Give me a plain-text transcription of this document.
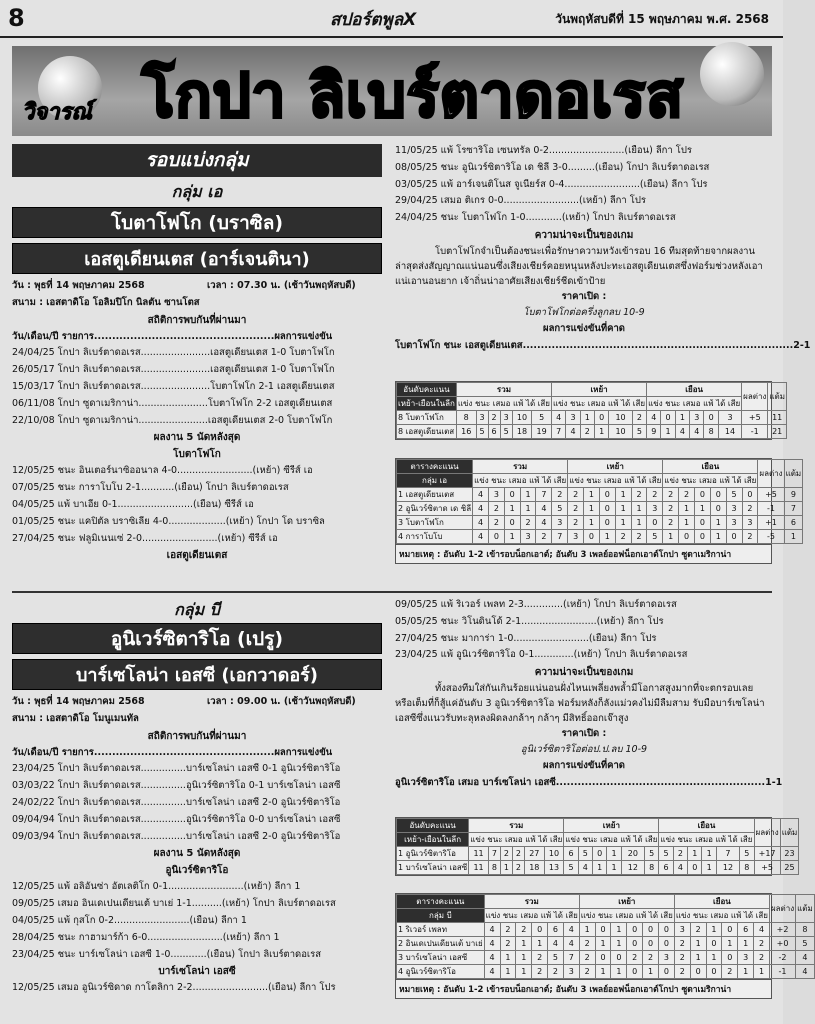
8	สปอร์ตพูลX	วันพฤหัสบดีที่ 15 พฤษภาคม พ.ศ. 2568
วิจารณ์ โกปา ลิเบร์ตาดอเรส
รอบแบ่งกลุ่ม
กลุ่ม เอ
โบตาโฟโก (บราซิล)
เอสตูเดียนเตส (อาร์เจนตินา)
วัน : พุธที่ 14 พฤษภาคม 2568	เวลา : 07.30 น. (เช้าวันพฤหัสบดี)
สนาม : เอสตาดิโอ โอลิมปิโก นิลตัน ซานโตส
สถิติการพบกันที่ผ่านมา
วัน/เดือน/ปี รายการ..................................................ผลการแข่งขัน
24/04/25 โกปา ลิเบร์ตาดอเรส.......................เอสตูเดียนเตส 1-0 โบตาโฟโก
26/05/17 โกปา ลิเบร์ตาดอเรส.......................เอสตูเดียนเตส 1-0 โบตาโฟโก
15/03/17 โกปา ลิเบร์ตาดอเรส.......................โบตาโฟโก 2-1 เอสตูเดียนเตส
06/11/08 โกปา ซูดาเมริกาน่า.......................โบตาโฟโก 2-2 เอสตูเดียนเตส
22/10/08 โกปา ซูดาเมริกาน่า.......................เอสตูเดียนเตส 2-0 โบตาโฟโก
ผลงาน 5 นัดหลังสุด
โบตาโฟโก
12/05/25 ชนะ อินเตอร์นาซิออนาล 4-0.........................(เหย้า) ซีรีส์ เอ
07/05/25 ชนะ การาโบโบ 2-1...........(เยือน) โกปา ลิเบร์ตาดอเรส
04/05/25 แพ้ บาเอีย 0-1.........................(เยือน) ซีรีส์ เอ
01/05/25 ชนะ แคปิตัล บราซิเลีย 4-0...................(เหย้า) โกปา โด บราซิล
27/04/25 ชนะ ฟลูมิเนนเซ่ 2-0.........................(เหย้า) ซีรีส์ เอ
เอสตูเดียนเตส
11/05/25 แพ้ โรซาริโอ เซนทรัล 0-2.........................(เยือน) ลีกา โปร
08/05/25 ชนะ อูนิเวร์ซิตาริโอ เด ชิลี 3-0.........(เยือน) โกปา ลิเบร์ตาดอเรส
03/05/25 แพ้ อาร์เจนติโนส จูเนียร์ส 0-4.........................(เยือน) ลีกา โปร
29/04/25 เสมอ ติเกร 0-0.........................(เหย้า) ลีกา โปร
24/04/25 ชนะ โบตาโฟโก 1-0............(เหย้า) โกปา ลิเบร์ตาดอเรส
ความน่าจะเป็นของเกม
โบตาโฟโกจำเป็นต้องชนะเพื่อรักษาความหวังเข้ารอบ 16 ทีมสุดท้ายจากผลงานล่าสุดส่งสัญญาณแน่นอนซึ่งเสียงเชียร์คอยหนุนหลังปะทะเอสตูเดียนเตสซึ่งฟอร์มช่วงหลังเอาแน่เอานอนยาก เจ้าถิ่นน่าอาศัยเสียงเชียร์ชีดเข้าป้าย
ราคาเปิด :
โบตาโฟโกต่อครึ่งลูกลบ 10-9
ผลการแข่งขันที่คาด
โบตาโฟโก ชนะ เอสตูเดียนเตส...........................................................................2-1
อันดับคะแนน	รวม						เหย้า						เยือน						ผลต่าง	แต้ม
เหย้า-เยือนในลีก	แข่ง ชนะ เสมอ แพ้ ได้ เสีย						แข่ง ชนะ เสมอ แพ้ ได้ เสีย						แข่ง ชนะ เสมอ แพ้ ได้ เสีย							
8 โบตาโฟโก	8	3	2	3	10	5	4	3	1	0	10	2	4	0	1	3	0	3	+5	11
8 เอสตูเดียนเตส	16	5	6	5	18	19	7	4	2	1	10	5	9	1	4	4	8	14	-1	21
ตารางคะแนน	รวม						เหย้า						เยือน						ผลต่าง	แต้ม
กลุ่ม เอ	แข่ง ชนะ เสมอ แพ้ ได้ เสีย						แข่ง ชนะ เสมอ แพ้ ได้ เสีย						แข่ง ชนะ เสมอ แพ้ ได้ เสีย							
1 เอสตูเดียนเตส	4	3	0	1	7	2	2	1	0	1	2	2	2	2	0	0	5	0	+5	9
2 อูนิเวร์ซิตาด เด ชิลี	4	2	1	1	4	5	2	1	0	1	1	3	2	1	1	0	3	2	-1	7
3 โบตาโฟโก	4	2	0	2	4	3	2	1	0	1	1	0	2	1	0	1	3	3	+1	6
4 การาโบโบ	4	0	1	3	2	7	3	0	1	2	2	5	1	0	0	1	0	2	-5	1
หมายเหตุ : อันดับ 1-2 เข้ารอบน็อกเอาต์; อันดับ 3 เพลย์ออฟน็อกเอาต์โกปา ซูดาเมริกาน่า
กลุ่ม บี
อูนิเวร์ซิตาริโอ (เปรู)
บาร์เซโลน่า เอสซี (เอกวาดอร์)
วัน : พุธที่ 14 พฤษภาคม 2568	เวลา : 09.00 น. (เช้าวันพฤหัสบดี)
สนาม : เอสตาดิโอ โมนูเมนทัล
สถิติการพบกันที่ผ่านมา
วัน/เดือน/ปี รายการ..................................................ผลการแข่งขัน
23/04/25 โกปา ลิเบร์ตาดอเรส...............บาร์เซโลน่า เอสซี 0-1 อูนิเวร์ซิตาริโอ
03/03/22 โกปา ลิเบร์ตาดอเรส...............อูนิเวร์ซิตาริโอ 0-1 บาร์เซโลน่า เอสซี
24/02/22 โกปา ลิเบร์ตาดอเรส...............บาร์เซโลน่า เอสซี 2-0 อูนิเวร์ซิตาริโอ
09/04/94 โกปา ลิเบร์ตาดอเรส...............อูนิเวร์ซิตาริโอ 0-0 บาร์เซโลน่า เอสซี
09/03/94 โกปา ลิเบร์ตาดอเรส...............บาร์เซโลน่า เอสซี 2-0 อูนิเวร์ซิตาริโอ
ผลงาน 5 นัดหลังสุด
อูนิเวร์ซิตาริโอ
12/05/25 แพ้ อลิอันซ่า อัตเลติโก 0-1.........................(เหย้า) ลีกา 1
09/05/25 เสมอ อินเดเปนเดียนเต้ บาเย่ 1-1..........(เหย้า) โกปา ลิเบร์ตาดอเรส
04/05/25 แพ้ กุสโก 0-2.........................(เยือน) ลีกา 1
28/04/25 ชนะ กาฮามาร์ก้า 6-0.........................(เหย้า) ลีกา 1
23/04/25 ชนะ บาร์เซโลน่า เอสซี 1-0............(เยือน) โกปา ลิเบร์ตาดอเรส
บาร์เซโลน่า เอสซี
12/05/25 เสมอ อูนิเวร์ซิดาด กาโตลิกา 2-2.........................(เยือน) ลีกา โปร
09/05/25 แพ้ ริเวอร์ เพลท 2-3.............(เหย้า) โกปา ลิเบร์ตาดอเรส
05/05/25 ชนะ วิโนดินโด้ 2-1.........................(เหย้า) ลีกา โปร
27/04/25 ชนะ มาการ่า 1-0.........................(เยือน) ลีกา โปร
23/04/25 แพ้ อูนิเวร์ซิตาริโอ 0-1.............(เหย้า) โกปา ลิเบร์ตาดอเรส
ความน่าจะเป็นของเกม
ทั้งสองทีมใส่กันเกินร้อยแน่นอนฝั่งไหนเพลี่ยงพล้ำมีโอกาสสูงมากที่จะตกรอบเลย หรือเต็มที่ก็สู้แค่อันดับ 3 อูนิเวร์ซิตาริโอ ฟอร์มหลังก็ลังแม่วคงไม่มีลืมสาม รับมือบาร์เซโลน่า เอสซีซึ่งแนวรับทะลุหลงผิดลงกล้าๆ กล้าๆ มีสิทธิ์ออกเจ๊าสูง
ราคาเปิด :
อูนิเวร์ซิตาริโอต่อป.ป.ลบ 10-9
ผลการแข่งขันที่คาด
อูนิเวร์ซิตาริโอ เสมอ บาร์เซโลน่า เอสซี..........................................................1-1
อันดับคะแนน	รวม						เหย้า						เยือน						ผลต่าง	แต้ม
เหย้า-เยือนในลีก	แข่ง ชนะ เสมอ แพ้ ได้ เสีย						แข่ง ชนะ เสมอ แพ้ ได้ เสีย						แข่ง ชนะ เสมอ แพ้ ได้ เสีย							
1 อูนิเวร์ซิตาริโอ	11	7	2	2	27	10	6	5	0	1	20	5	5	2	1	1	7	5	+17	23
1 บาร์เซโลน่า เอสซี	11	8	1	2	18	13	5	4	1	1	12	8	6	4	0	1	12	8	+5	25
ตารางคะแนน	รวม						เหย้า						เยือน						ผลต่าง	แต้ม
กลุ่ม บี	แข่ง ชนะ เสมอ แพ้ ได้ เสีย						แข่ง ชนะ เสมอ แพ้ ได้ เสีย						แข่ง ชนะ เสมอ แพ้ ได้ เสีย							
1 ริเวอร์ เพลท	4	2	2	0	6	4	1	0	1	0	0	0	3	2	1	0	6	4	+2	8
2 อินเดเปนเดียนเต้ บาเย่	4	2	1	1	4	4	2	1	1	0	0	0	2	1	0	1	1	2	+0	5
3 บาร์เซโลน่า เอสซี	4	1	1	2	5	7	2	0	0	2	2	3	2	1	1	0	3	2	-2	4
4 อูนิเวร์ซิตาริโอ	4	1	1	2	2	3	2	1	1	0	1	0	2	0	0	2	1	1	-1	4
หมายเหตุ : อันดับ 1-2 เข้ารอบน็อกเอาต์; อันดับ 3 เพลย์ออฟน็อกเอาต์โกปา ซูดาเมริกาน่า
